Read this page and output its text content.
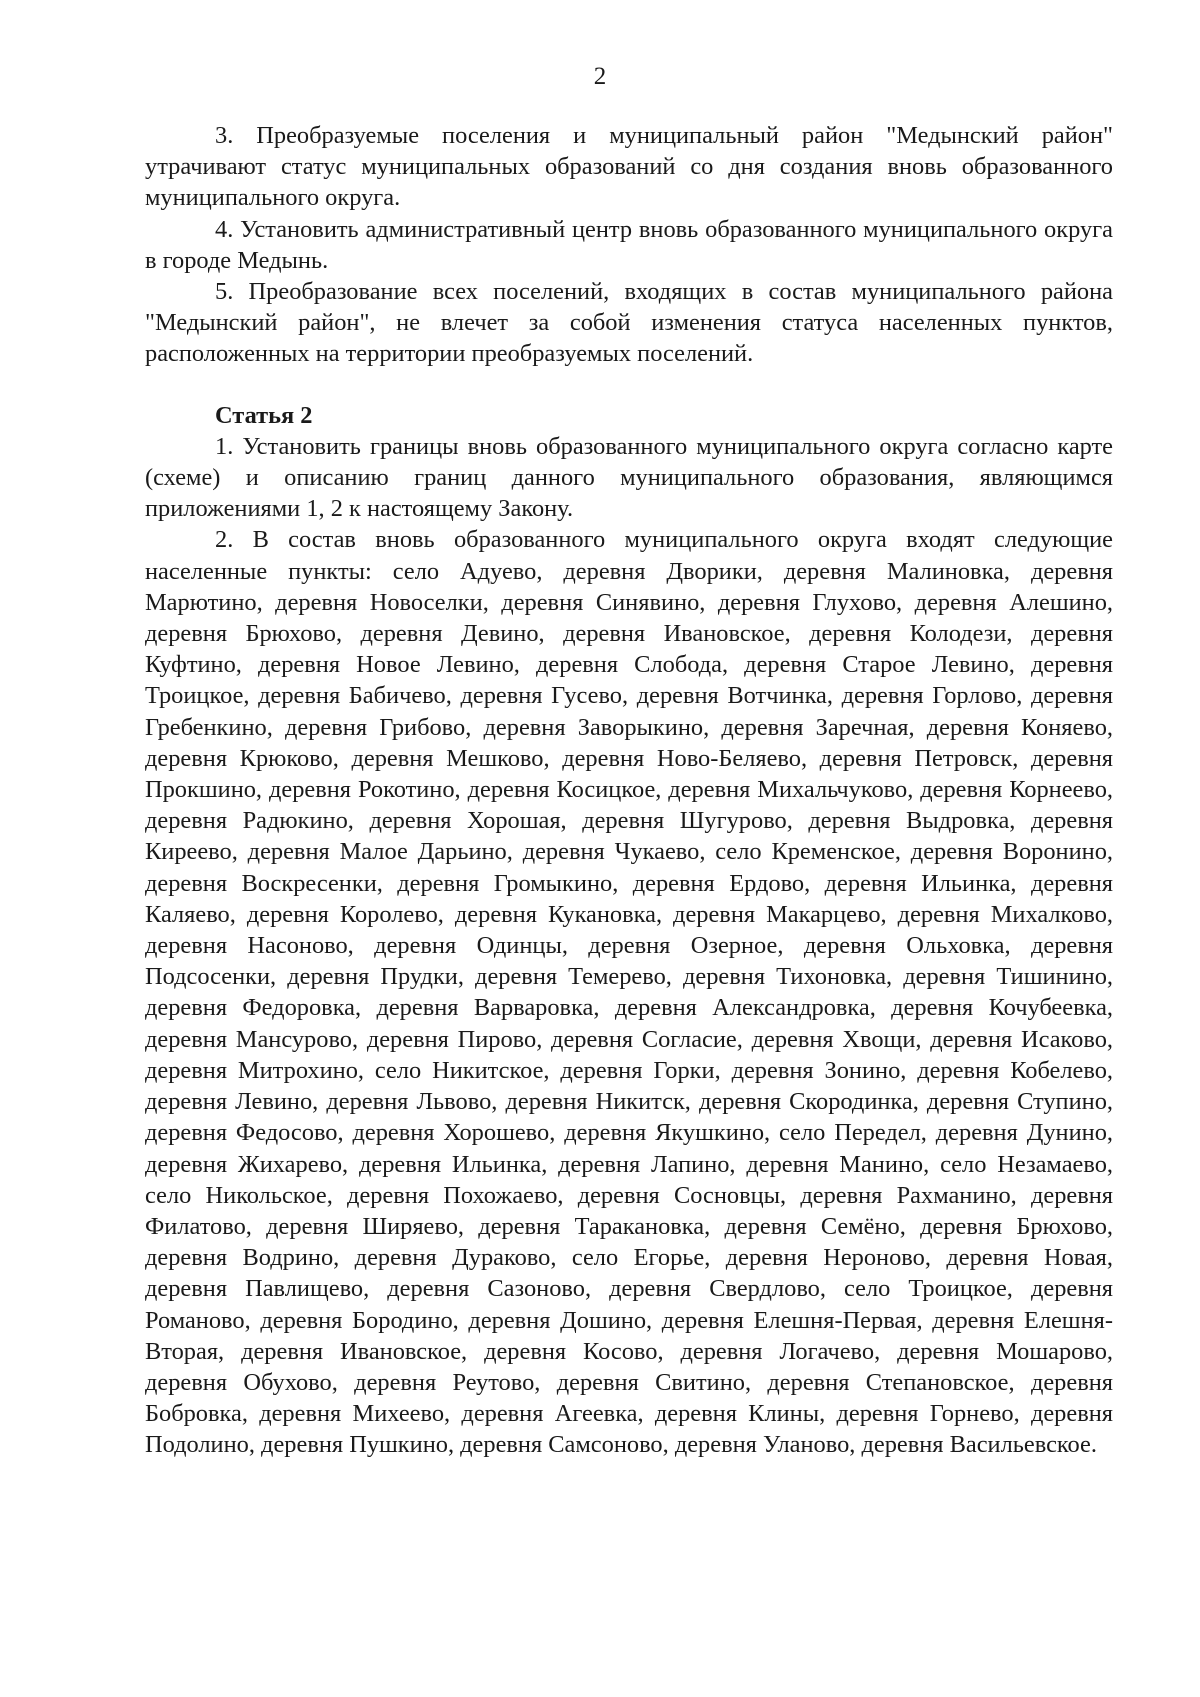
2

3. Преобразуемые поселения и муниципальный район "Медынский район" утрачивают статус муниципальных образований со дня создания вновь образованного муниципального округа.

4. Установить административный центр вновь образованного муниципального округа в городе Медынь.

5. Преобразование всех поселений, входящих в состав муниципального района "Медынский район", не влечет за собой изменения статуса населенных пунктов, расположенных на территории преобразуемых поселений.

Статья 2

1. Установить границы вновь образованного муниципального округа согласно карте (схеме) и описанию границ данного муниципального образования, являющимся приложениями 1, 2 к настоящему Закону.

2. В состав вновь образованного муниципального округа входят следующие населенные пункты: село Адуево, деревня Дворики, деревня Малиновка, деревня Марютино, деревня Новоселки, деревня Синявино, деревня Глухово, деревня Алешино, деревня Брюхово, деревня Девино, деревня Ивановское, деревня Колодези, деревня Куфтино, деревня Новое Левино, деревня Слобода, деревня Старое Левино, деревня Троицкое, деревня Бабичево, деревня Гусево, деревня Вотчинка, деревня Горлово, деревня Гребенкино, деревня Грибово, деревня Заворыкино, деревня Заречная, деревня Коняево, деревня Крюково, деревня Мешково, деревня Ново-Беляево, деревня Петровск, деревня Прокшино, деревня Рокотино, деревня Косицкое, деревня Михальчуково, деревня Корнеево, деревня Радюкино, деревня Хорошая, деревня Шугурово, деревня Выдровка, деревня Киреево, деревня Малое Дарьино, деревня Чукаево, село Кременское, деревня Воронино, деревня Воскресенки, деревня Громыкино, деревня Ердово, деревня Ильинка, деревня Каляево, деревня Королево, деревня Кукановка, деревня Макарцево, деревня Михалково, деревня Насоново, деревня Одинцы, деревня Озерное, деревня Ольховка, деревня Подсосенки, деревня Прудки, деревня Темерево, деревня Тихоновка, деревня Тишинино, деревня Федоровка, деревня Варваровка, деревня Александровка, деревня Кочубеевка, деревня Мансурово, деревня Пирово, деревня Согласие, деревня Хвощи, деревня Исаково, деревня Митрохино, село Никитское, деревня Горки, деревня Зонино, деревня Кобелево, деревня Левино, деревня Львово, деревня Никитск, деревня Скородинка, деревня Ступино, деревня Федосово, деревня Хорошево, деревня Якушкино, село Передел, деревня Дунино, деревня Жихарево, деревня Ильинка, деревня Лапино, деревня Манино, село Незамаево, село Никольское, деревня Похожаево, деревня Сосновцы, деревня Рахманино, деревня Филатово, деревня Ширяево, деревня Таракановка, деревня Семёно, деревня Брюхово, деревня Водрино, деревня Дураково, село Егорье, деревня Нероново, деревня Новая, деревня Павлищево, деревня Сазоново, деревня Свердлово, село Троицкое, деревня Романово, деревня Бородино, деревня Дошино, деревня Елешня-Первая, деревня Елешня-Вторая, деревня Ивановское, деревня Косово, деревня Логачево, деревня Мошарово, деревня Обухово, деревня Реутово, деревня Свитино, деревня Степановское, деревня Бобровка, деревня Михеево, деревня Агеевка, деревня Клины, деревня Горнево, деревня Подолино, деревня Пушкино, деревня Самсоново, деревня Уланово, деревня Васильевское.
